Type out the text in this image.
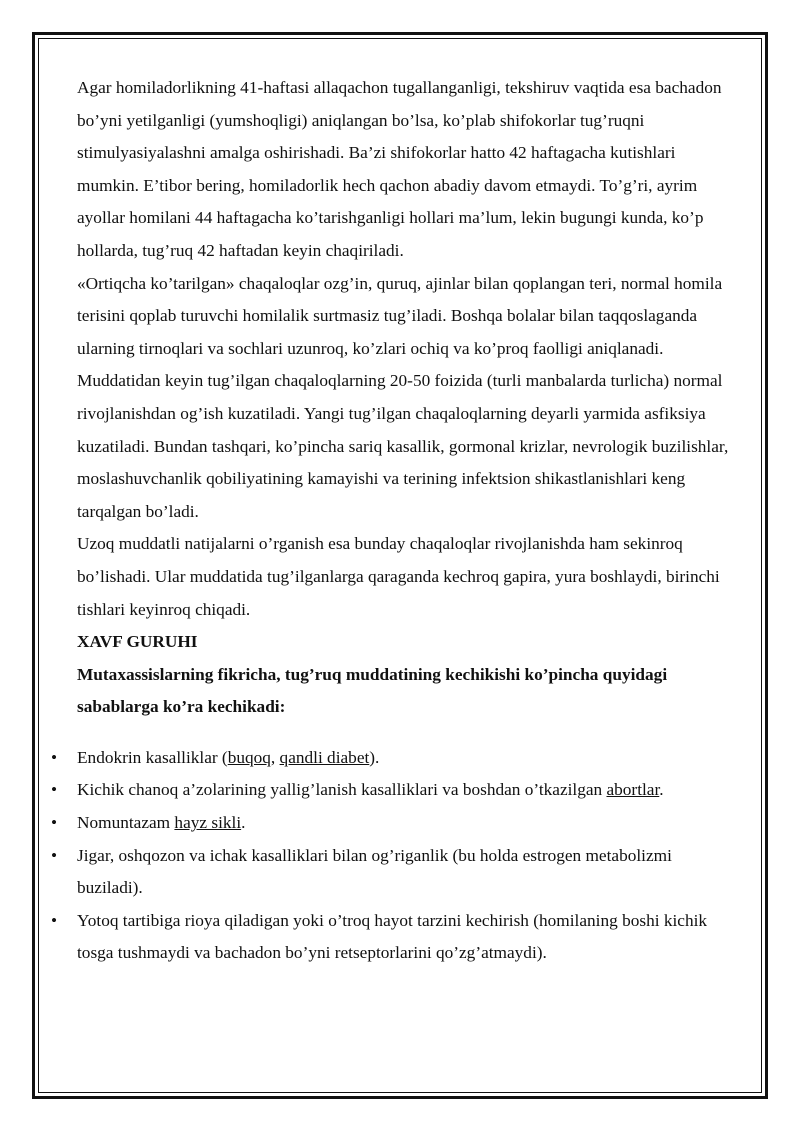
Agar homiladorlikning 41-haftasi allaqachon tugallanganligi, tekshiruv vaqtida esa bachadon bo’yni yetilganligi (yumshoqligi) aniqlangan bo’lsa, ko’plab shifokorlar tug’ruqni stimulyasiyalashni amalga oshirishadi. Ba’zi shifokorlar hatto 42 haftagacha kutishlari mumkin. E’tibor bering, homiladorlik hech qachon abadiy davom etmaydi. To’g’ri, ayrim ayollar homilani 44 haftagacha ko’tarishganligi hollari ma’lum, lekin bugungi kunda, ko’p hollarda, tug’ruq 42 haftadan keyin chaqiriladi.

«Ortiqcha ko’tarilgan» chaqaloqlar ozg’in, quruq, ajinlar bilan qoplangan teri, normal homila terisini qoplab turuvchi homilalik surtmasiz tug’iladi. Boshqa bolalar bilan taqqoslaganda ularning tirnoqlari va sochlari uzunroq, ko’zlari ochiq va ko’proq faolligi aniqlanadi.

Muddatidan keyin tug’ilgan chaqaloqlarning 20-50 foizida (turli manbalarda turlicha) normal rivojlanishdan og’ish kuzatiladi. Yangi tug’ilgan chaqaloqlarning deyarli yarmida asfiksiya kuzatiladi. Bundan tashqari, ko’pincha sariq kasallik, gormonal krizlar, nevrologik buzilishlar, moslashuvchanlik qobiliyatining kamayishi va terining infektsion shikastlanishlari keng tarqalgan bo’ladi.

Uzoq muddatli natijalarni o’rganish esa bunday chaqaloqlar rivojlanishda ham sekinroq bo’lishadi. Ular muddatida tug’ilganlarga qaraganda kechroq gapira, yura boshlaydi, birinchi tishlari keyinroq chiqadi.

XAVF GURUHI

Mutaxassislarning fikricha, tug’ruq muddatining kechikishi ko’pincha quyidagi sabablarga ko’ra kechikadi:

• Endokrin kasalliklar (buqoq, qandli diabet).
• Kichik chanoq a’zolarining yallig’lanish kasalliklari va boshdan o’tkazilgan abortlar.
• Nomuntazam hayz sikli.
• Jigar, oshqozon va ichak kasalliklari bilan og’riganlik (bu holda estrogen metabolizmi buziladi).
• Yotoq tartibiga rioya qiladigan yoki o’troq hayot tarzini kechirish (homilaning boshi kichik tosga tushmaydi va bachadon bo’yni retseptorlarini qo’zg’atmaydi).
